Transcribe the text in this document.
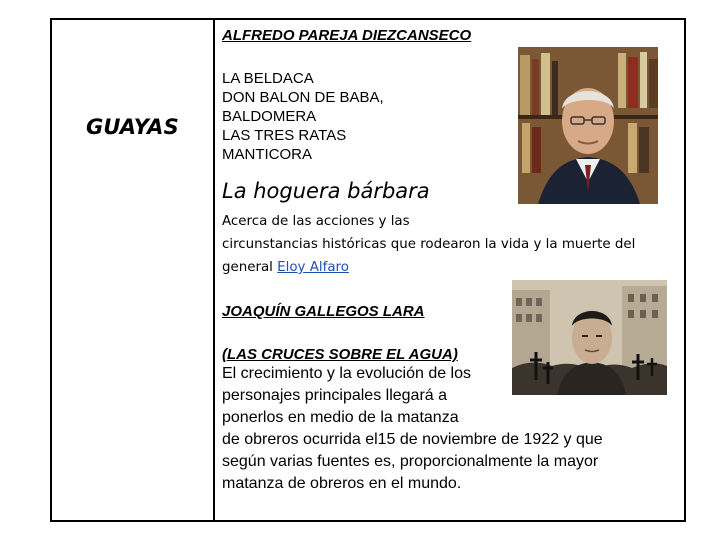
GUAYAS
ALFREDO PAREJA DIEZCANSECO
LA BELDACA
DON BALON DE BABA,
BALDOMERA
LAS TRES RATAS
MANTICORA
La hoguera bárbara
Acerca de las acciones y las
circunstancias históricas que rodearon la vida y la muerte del
general Eloy Alfaro
JOAQUÍN GALLEGOS LARA
(LAS CRUCES SOBRE EL AGUA)
El crecimiento y la evolución de los
personajes principales llegará a
ponerlos en medio de la matanza
de obreros ocurrida el15 de noviembre de 1922 y que
según varias fuentes es, proporcionalmente la mayor
matanza de obreros en el mundo.
